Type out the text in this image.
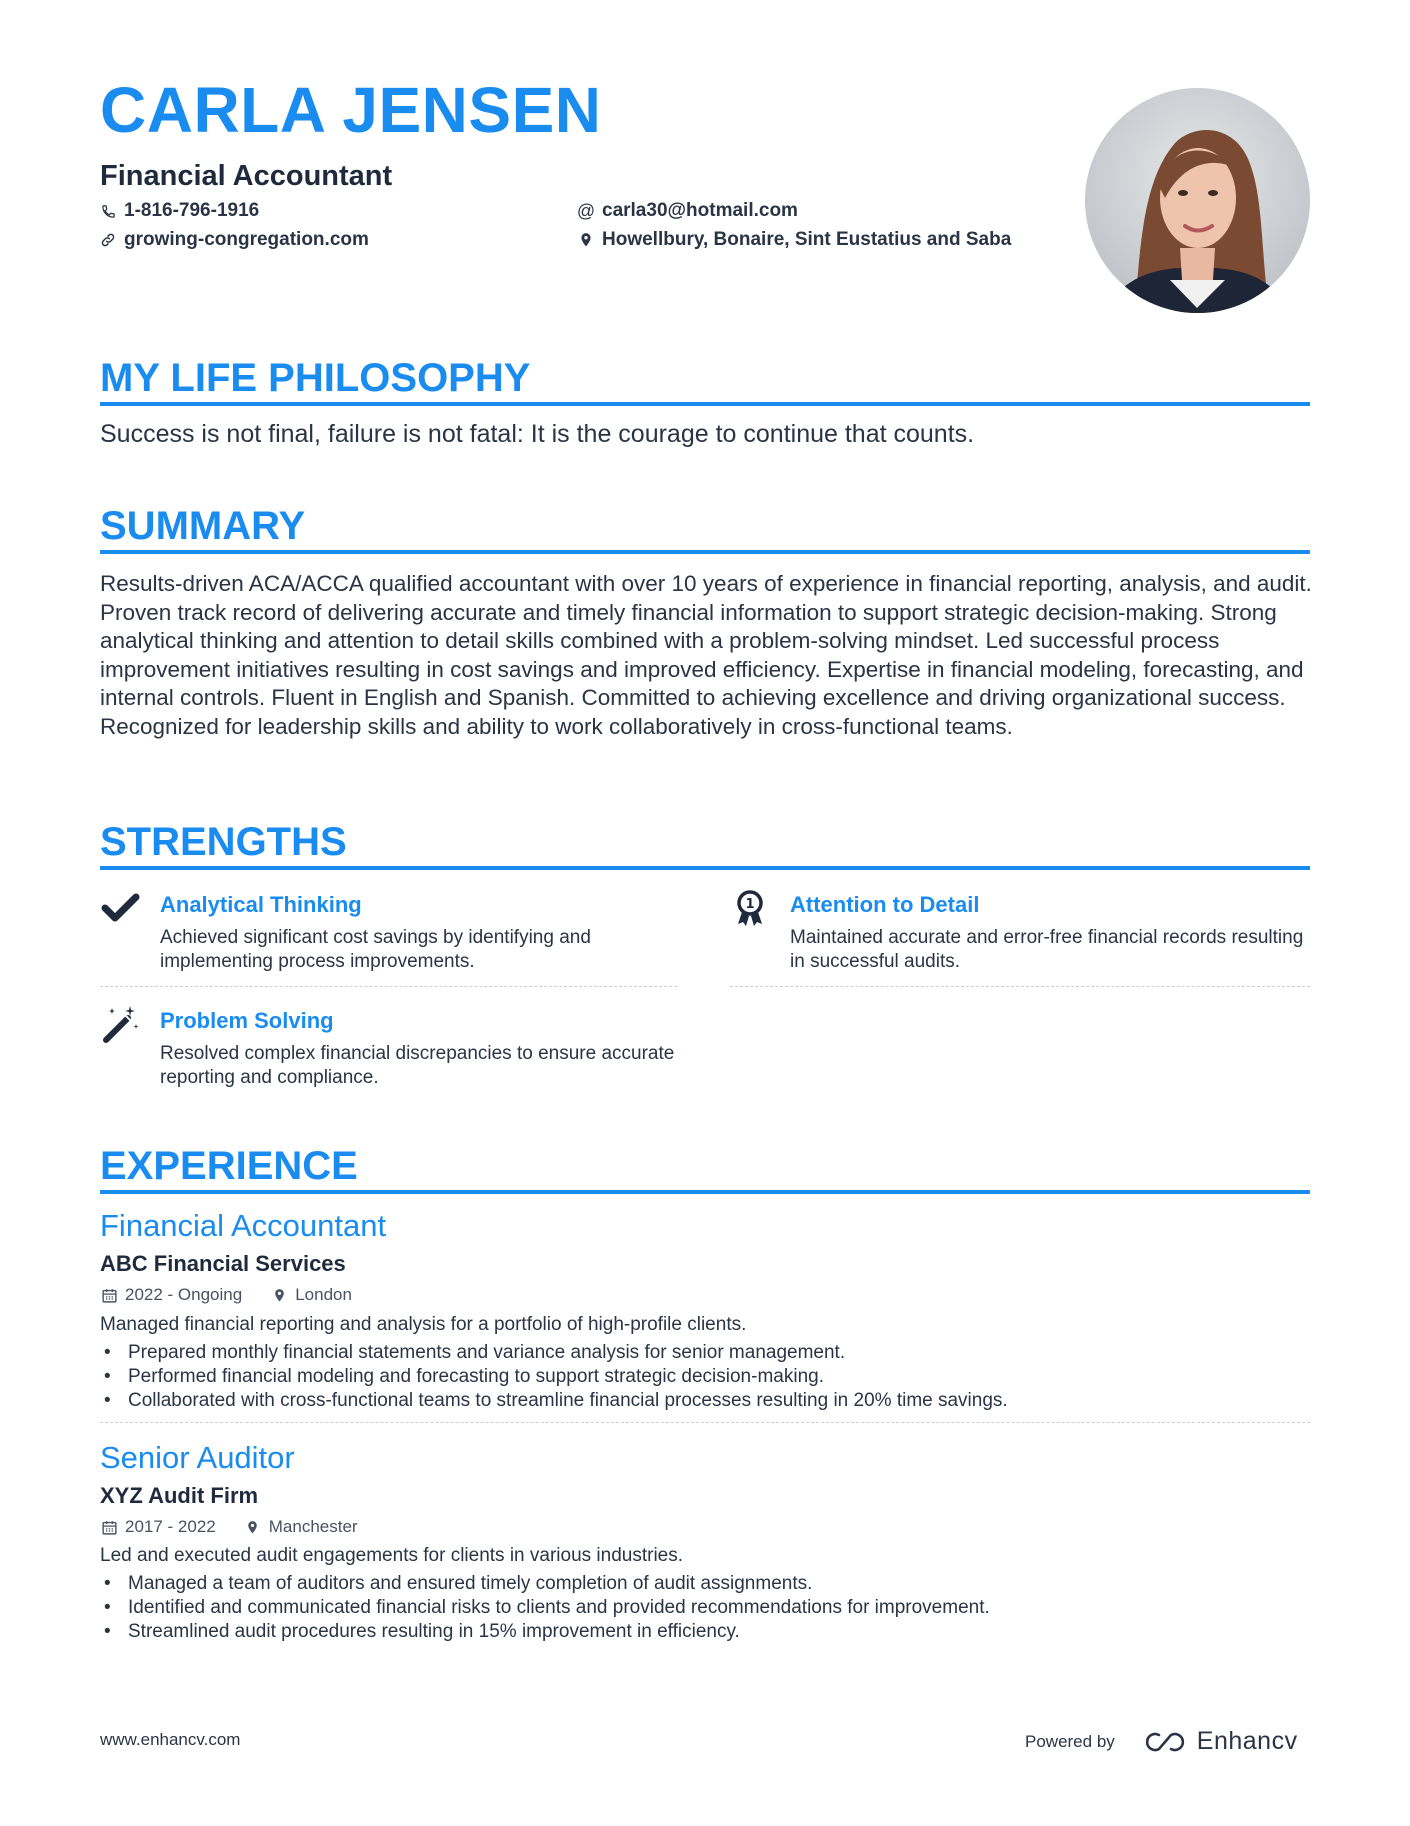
CARLA JENSEN
Financial Accountant
1-816-796-1916	@ carla30@hotmail.com
growing-congregation.com	Howellbury, Bonaire, Sint Eustatius and Saba
MY LIFE PHILOSOPHY
Success is not final, failure is not fatal: It is the courage to continue that counts.
SUMMARY
Results-driven ACA/ACCA qualified accountant with over 10 years of experience in financial reporting, analysis, and audit. Proven track record of delivering accurate and timely financial information to support strategic decision-making. Strong analytical thinking and attention to detail skills combined with a problem-solving mindset. Led successful process improvement initiatives resulting in cost savings and improved efficiency. Expertise in financial modeling, forecasting, and internal controls. Fluent in English and Spanish. Committed to achieving excellence and driving organizational success. Recognized for leadership skills and ability to work collaboratively in cross-functional teams.
STRENGTHS
Analytical Thinking
Achieved significant cost savings by identifying and implementing process improvements.
1 Attention to Detail
Maintained accurate and error-free financial records resulting in successful audits.
Problem Solving
Resolved complex financial discrepancies to ensure accurate reporting and compliance.
EXPERIENCE
Financial Accountant
ABC Financial Services
2022 - Ongoing	London
Managed financial reporting and analysis for a portfolio of high-profile clients.
• Prepared monthly financial statements and variance analysis for senior management.
• Performed financial modeling and forecasting to support strategic decision-making.
• Collaborated with cross-functional teams to streamline financial processes resulting in 20% time savings.
Senior Auditor
XYZ Audit Firm
2017 - 2022	Manchester
Led and executed audit engagements for clients in various industries.
• Managed a team of auditors and ensured timely completion of audit assignments.
• Identified and communicated financial risks to clients and provided recommendations for improvement.
• Streamlined audit procedures resulting in 15% improvement in efficiency.
www.enhancv.com	Powered by	Enhancv
